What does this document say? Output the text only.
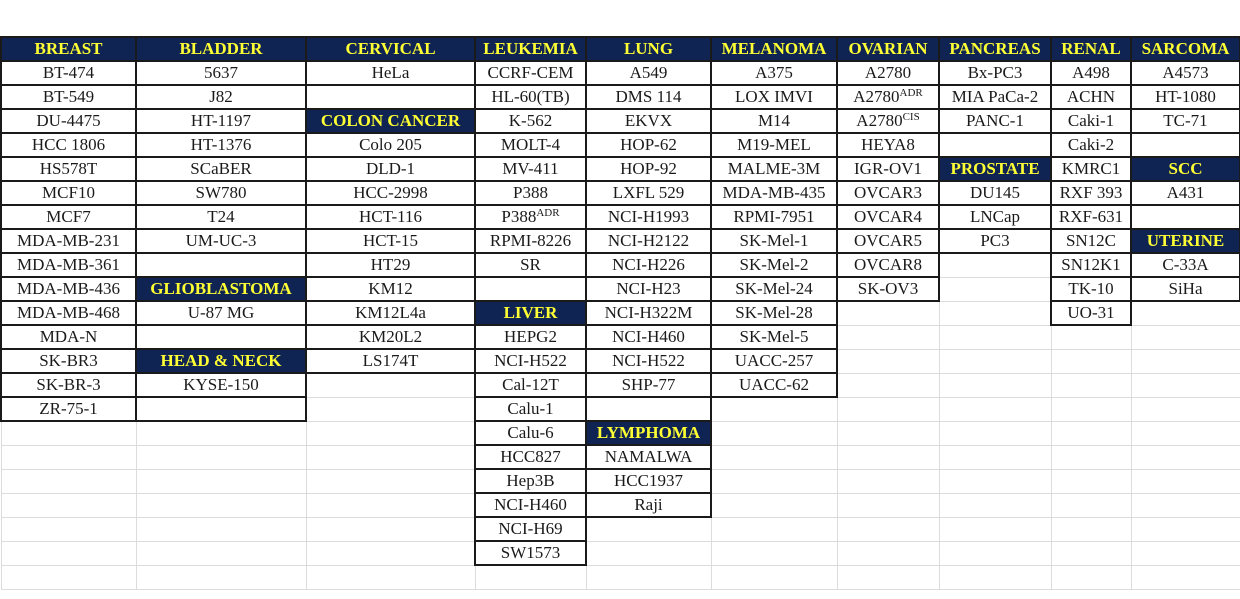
BREAST	BLADDER	CERVICAL	LEUKEMIA	LUNG	MELANOMA	OVARIAN	PANCREAS	RENAL	SARCOMA
BT-474	5637	HeLa	CCRF-CEM	A549	A375	A2780	Bx-PC3	A498	A4573
BT-549	J82		HL-60(TB)	DMS 114	LOX IMVI	$A2780^{ADR}$	MIA PaCa-2	ACHN	HT-1080
DU-4475	HT-1197	COLON CANCER	K-562	EKVX	M14	$A2780^{CIS}$	PANC-1	Caki-1	TC-71
HCC 1806	HT-1376	Colo 205	MOLT-4	HOP-62	M19-MEL	HEYA8		Caki-2	
HS578T	SCaBER	DLD-1	MV-411	HOP-92	MALME-3M	IGR-OV1	PROSTATE	KMRC1	SCC
MCF10	SW780	HCC-2998	P388	LXFL 529	MDA-MB-435	OVCAR3	DU145	RXF 393	A431
MCF7	T24	HCT-116	$P388^{ADR}$	NCI-H1993	RPMI-7951	OVCAR4	LNCap	RXF-631	
MDA-MB-231	UM-UC-3	HCT-15	RPMI-8226	NCI-H2122	SK-Mel-1	OVCAR5	PC3	SN12C	UTERINE
MDA-MB-361		HT29	SR	NCI-H226	SK-Mel-2	OVCAR8		SN12K1	C-33A
MDA-MB-436	GLIOBLASTOMA	KM12		NCI-H23	SK-Mel-24	SK-OV3		TK-10	SiHa
MDA-MB-468	U-87 MG	KM12L4a	LIVER	NCI-H322M	SK-Mel-28			UO-31	
MDA-N		KM20L2	HEPG2	NCI-H460	SK-Mel-5				
SK-BR3	HEAD & NECK	LS174T	NCI-H522	NCI-H522	UACC-257				
SK-BR-3	KYSE-150		Cal-12T	SHP-77	UACC-62				
ZR-75-1			Calu-1						
			Calu-6	LYMPHOMA					
			HCC827	NAMALWA					
			Hep3B	HCC1937					
			NCI-H460	Raji					
			NCI-H69						
			SW1573						
